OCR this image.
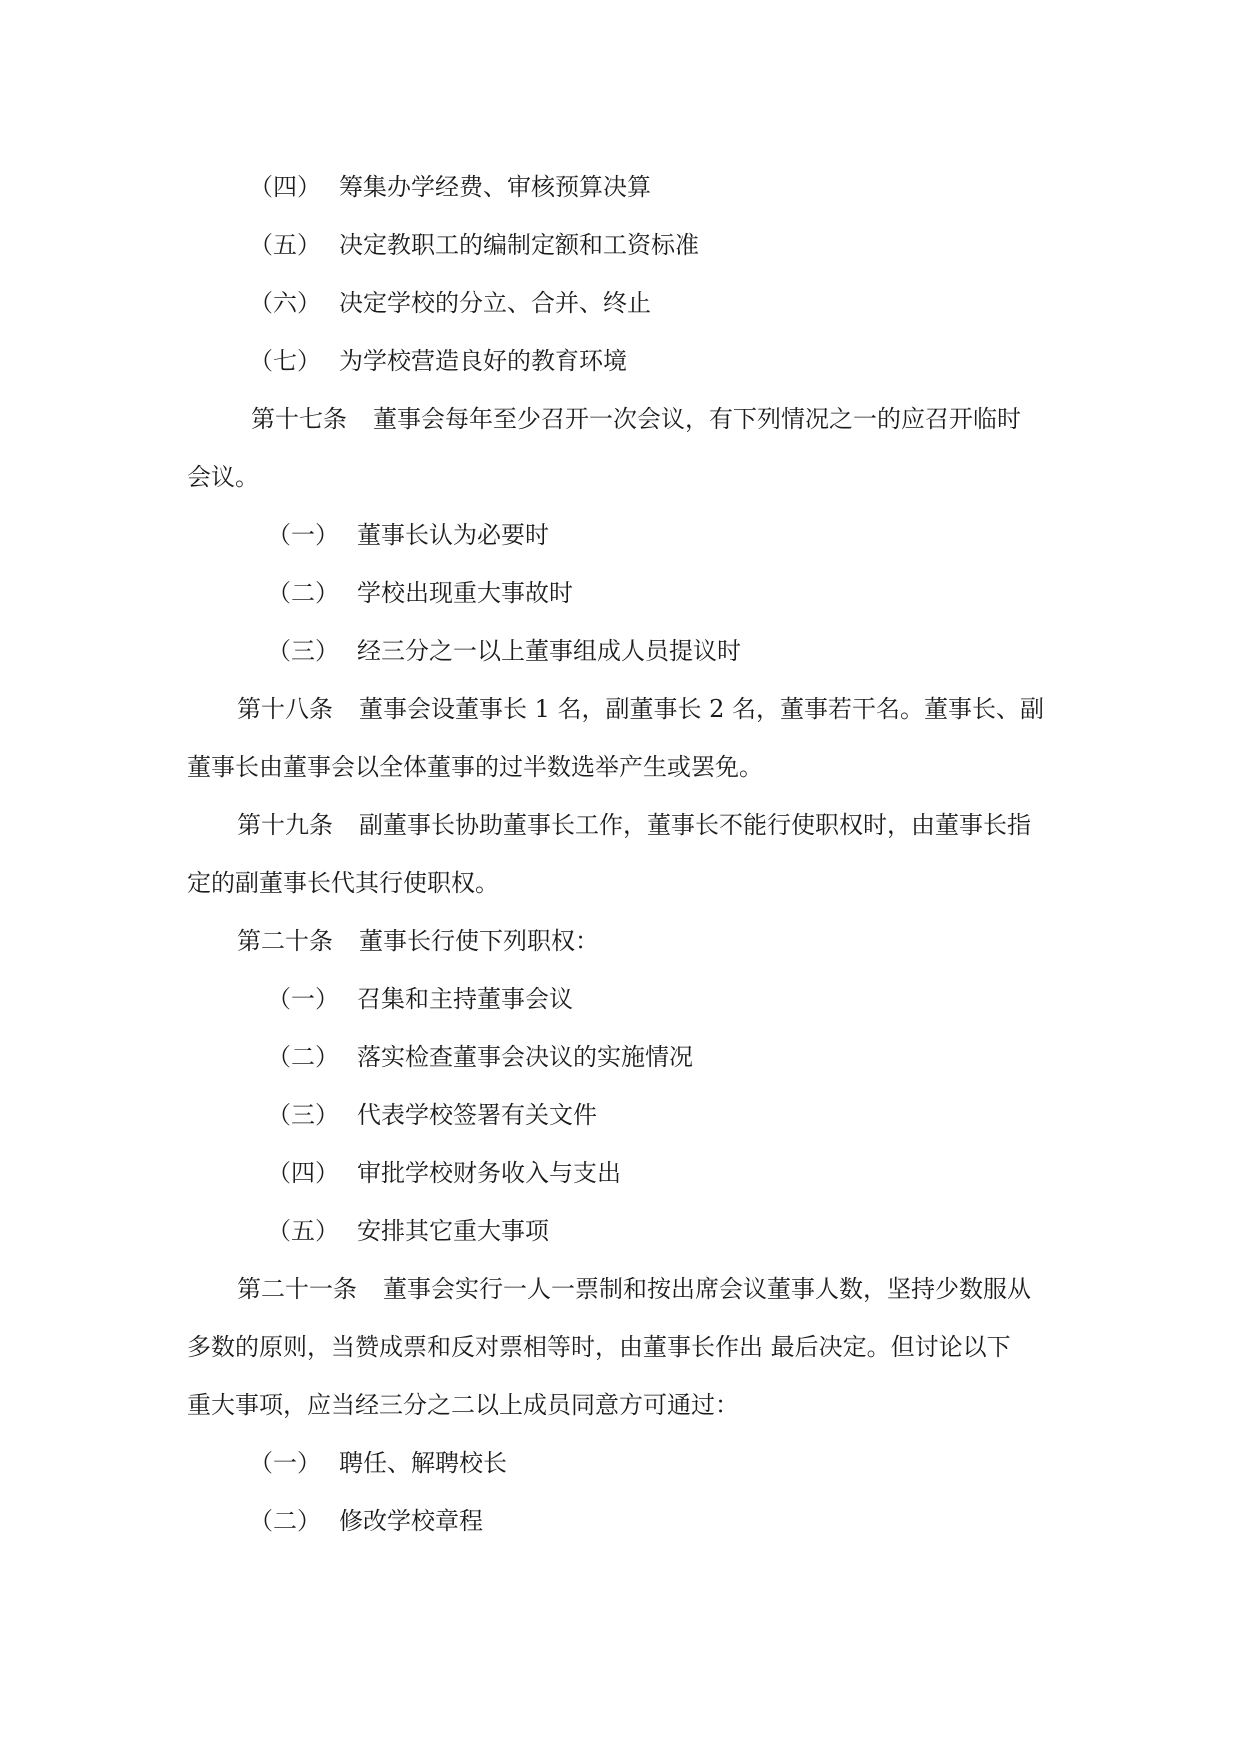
（四） 筹集办学经费、审核预算决算
（五） 决定教职工的编制定额和工资标准
（六） 决定学校的分立、合并、终止
（七） 为学校营造良好的教育环境
第十七条 董事会每年至少召开一次会议，有下列情况之一的应召开临时
会议。
（一） 董事长认为必要时
（二） 学校出现重大事故时
（三） 经三分之一以上董事组成人员提议时
第十八条 董事会设董事长 1 名，副董事长 2 名，董事若干名。董事长、副
董事长由董事会以全体董事的过半数选举产生或罢免。
第十九条 副董事长协助董事长工作，董事长不能行使职权时，由董事长指
定的副董事长代其行使职权。
第二十条 董事长行使下列职权：
（一） 召集和主持董事会议
（二） 落实检查董事会决议的实施情况
（三） 代表学校签署有关文件
（四） 审批学校财务收入与支出
（五） 安排其它重大事项
第二十一条 董事会实行一人一票制和按出席会议董事人数，坚持少数服从
多数的原则，当赞成票和反对票相等时，由董事长作出 最后决定。但讨论以下
重大事项，应当经三分之二以上成员同意方可通过：
（一） 聘任、解聘校长
（二） 修改学校章程
